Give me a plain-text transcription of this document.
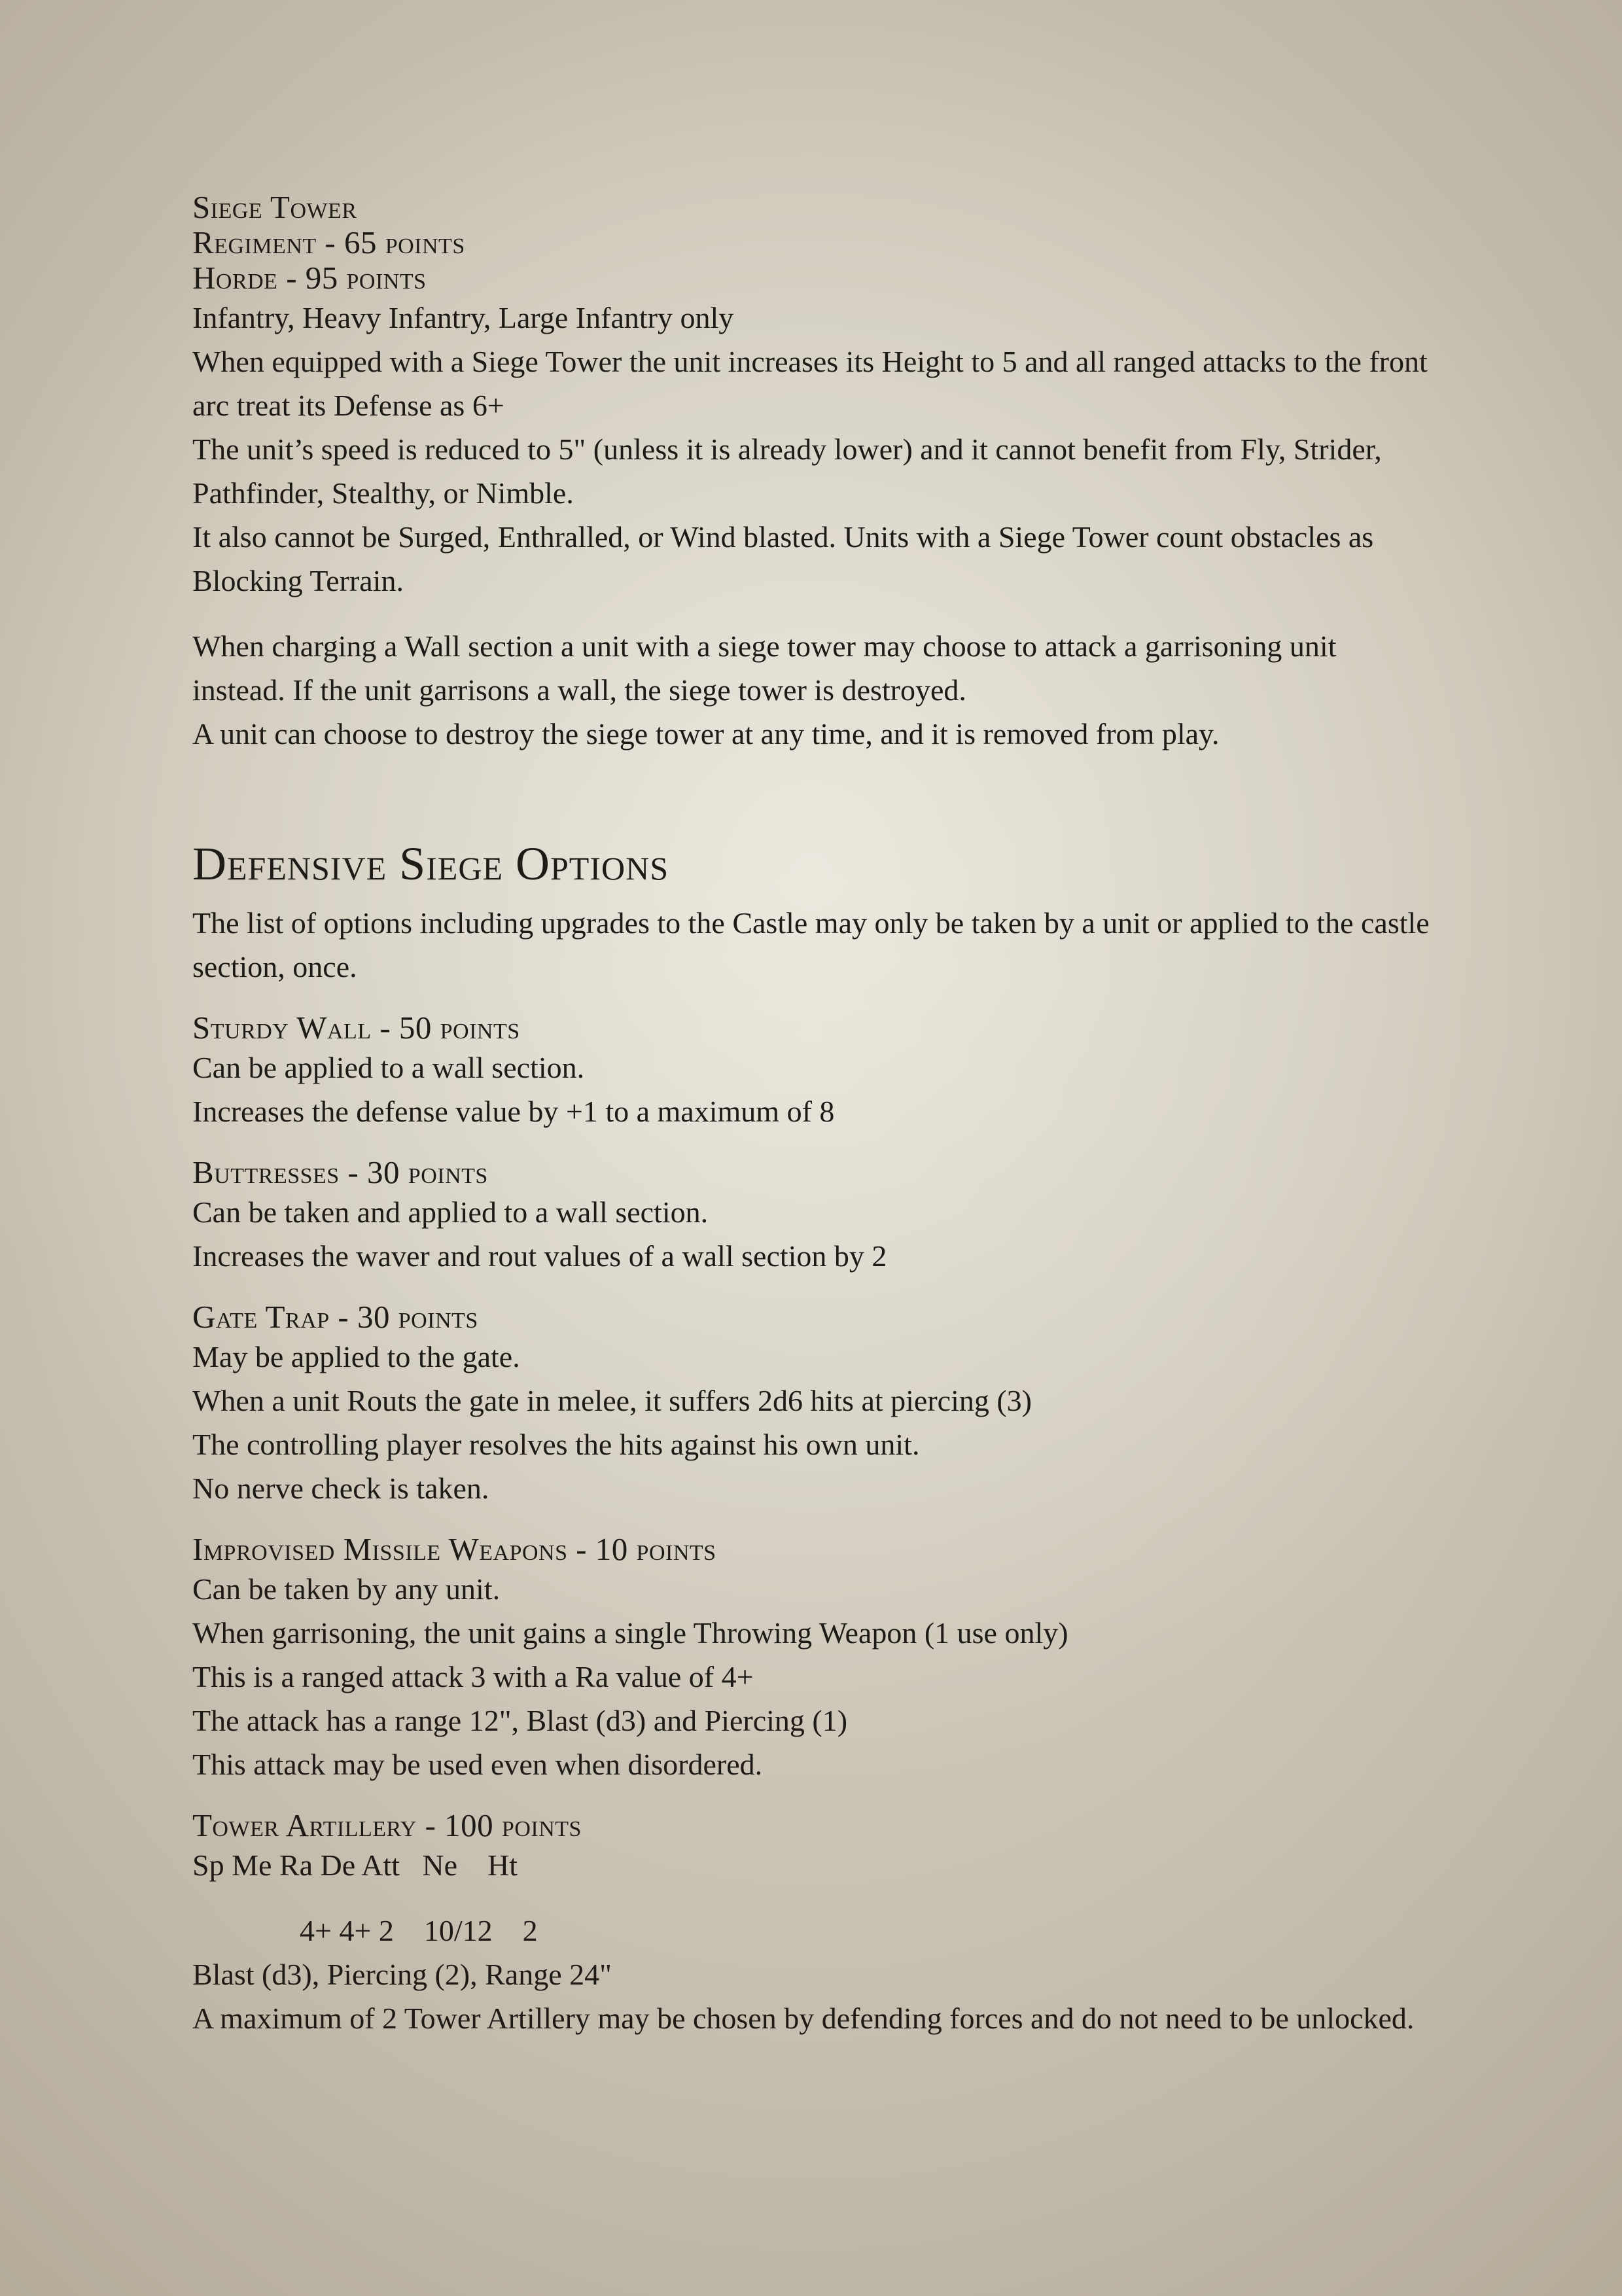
Siege Tower
Regiment - 65 points
Horde - 95 points
Infantry, Heavy Infantry, Large Infantry only
When equipped with a Siege Tower the unit increases its Height to 5 and all ranged attacks to the front arc treat its Defense as 6+
The unit’s speed is reduced to 5" (unless it is already lower) and it cannot benefit from Fly, Strider, Pathfinder, Stealthy, or Nimble.
It also cannot be Surged, Enthralled, or Wind blasted. Units with a Siege Tower count obstacles as Blocking Terrain.
When charging a Wall section a unit with a siege tower may choose to attack a garrisoning unit instead. If the unit garrisons a wall, the siege tower is destroyed.
A unit can choose to destroy the siege tower at any time, and it is removed from play.
Defensive Siege Options
The list of options including upgrades to the Castle may only be taken by a unit or applied to the castle section, once.
Sturdy Wall - 50 points
Can be applied to a wall section.
Increases the defense value by +1 to a maximum of 8
Buttresses - 30 points
Can be taken and applied to a wall section.
Increases the waver and rout values of a wall section by 2
Gate Trap - 30 points
May be applied to the gate.
When a unit Routs the gate in melee, it suffers 2d6 hits at piercing (3)
The controlling player resolves the hits against his own unit.
No nerve check is taken.
Improvised Missile Weapons - 10 points
Can be taken by any unit.
When garrisoning, the unit gains a single Throwing Weapon (1 use only)
This is a ranged attack 3 with a Ra value of 4+
The attack has a range 12", Blast (d3) and Piercing (1)
This attack may be used even when disordered.
Tower Artillery - 100 points
Sp Me Ra De Att   Ne    Ht
4+ 4+ 2    10/12    2
Blast (d3), Piercing (2), Range 24"
A maximum of 2 Tower Artillery may be chosen by defending forces and do not need to be unlocked.
